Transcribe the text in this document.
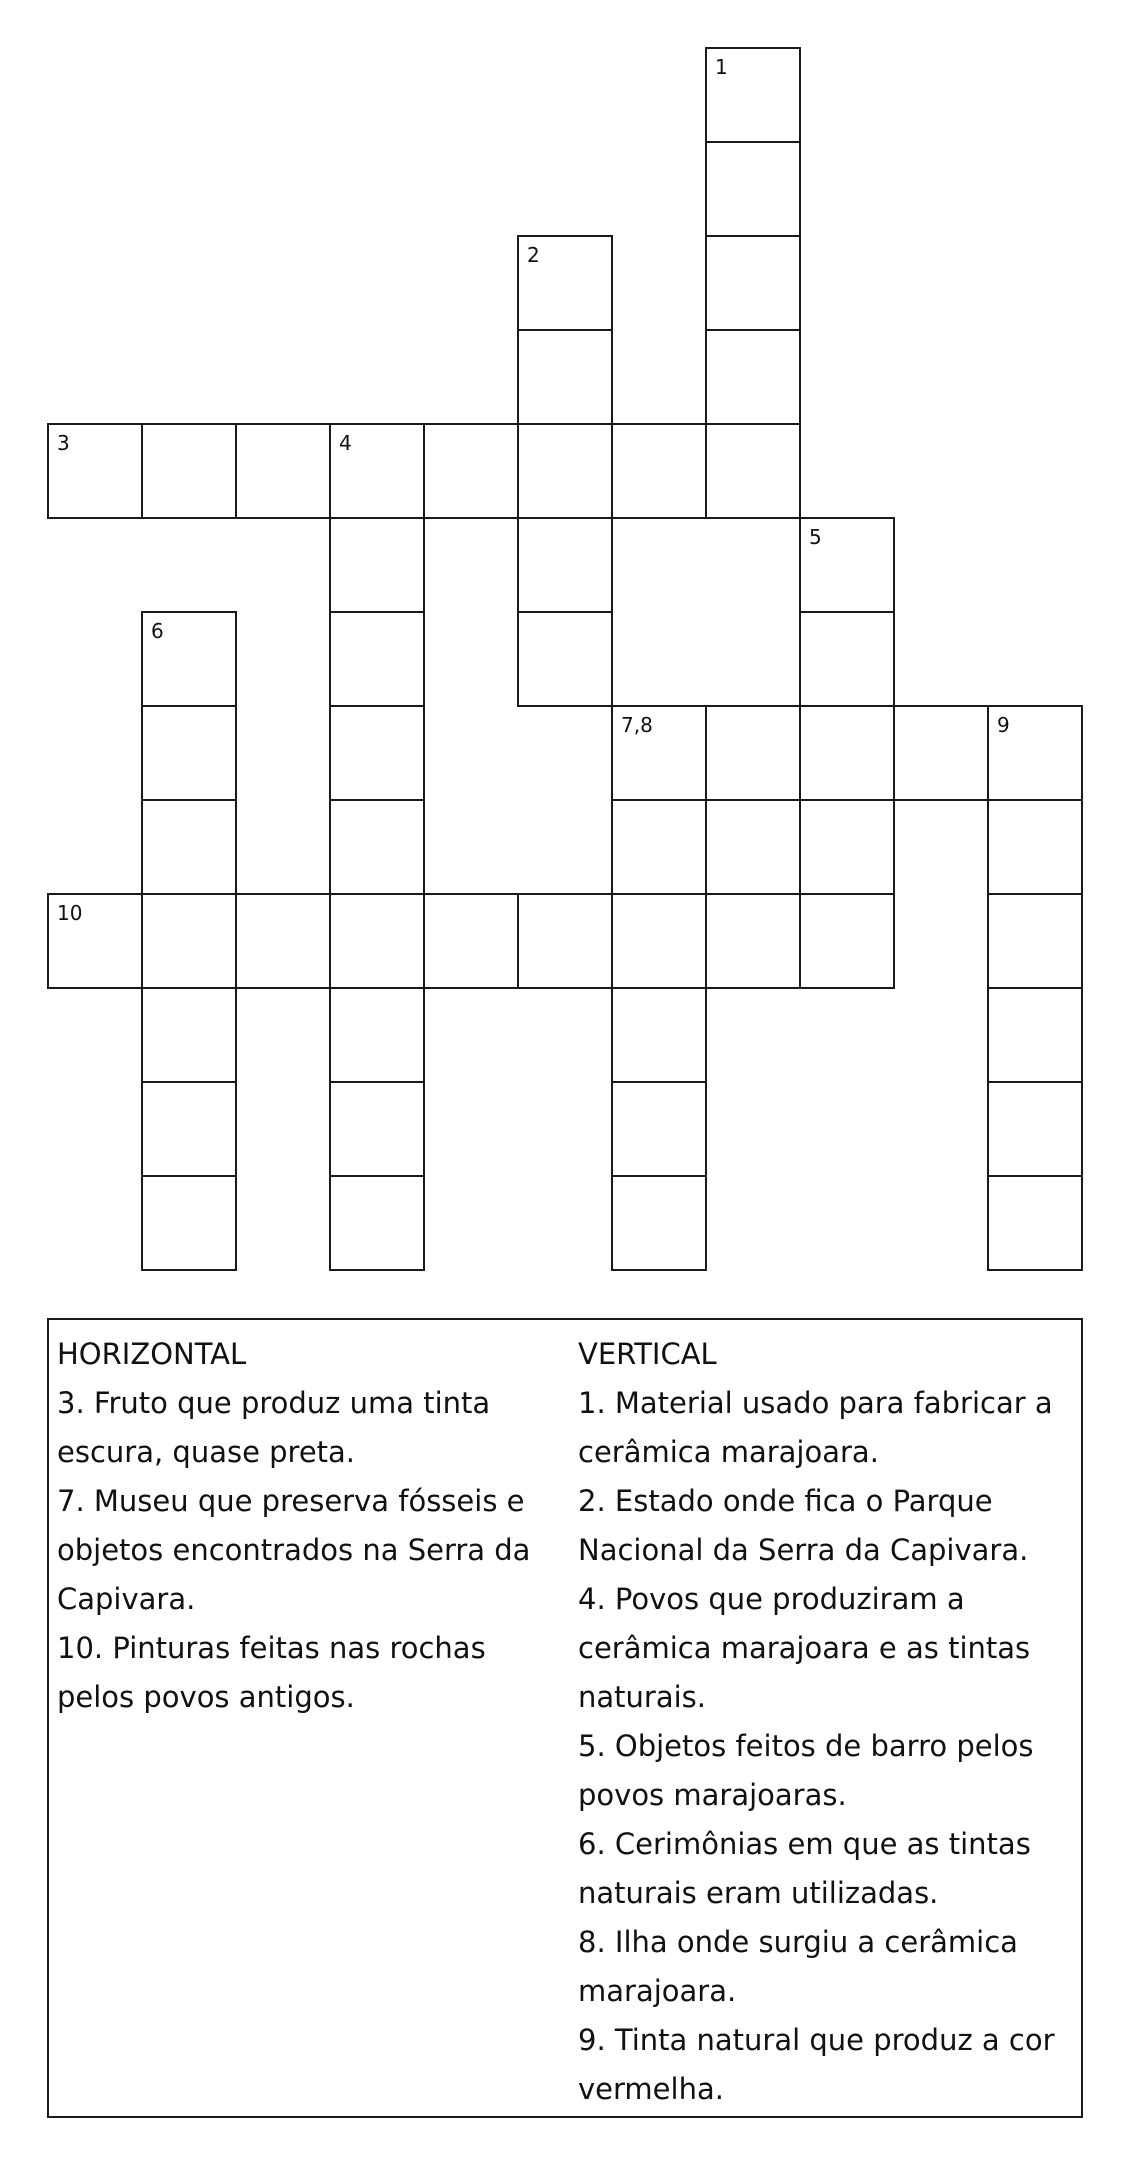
1
2
3	4
5
6
7,8	9
10

HORIZONTAL

3. Fruto que produz uma tinta escura, quase preta.

7. Museu que preserva fósseis e objetos encontrados na Serra da Capivara.

10. Pinturas feitas nas rochas pelos povos antigos.

VERTICAL

1. Material usado para fabricar a cerâmica marajoara.

2. Estado onde fica o Parque Nacional da Serra da Capivara.

4. Povos que produziram a cerâmica marajoara e as tintas naturais.

5. Objetos feitos de barro pelos povos marajoaras.

6. Cerimônias em que as tintas naturais eram utilizadas.

8. Ilha onde surgiu a cerâmica marajoara.

9. Tinta natural que produz a cor vermelha.
